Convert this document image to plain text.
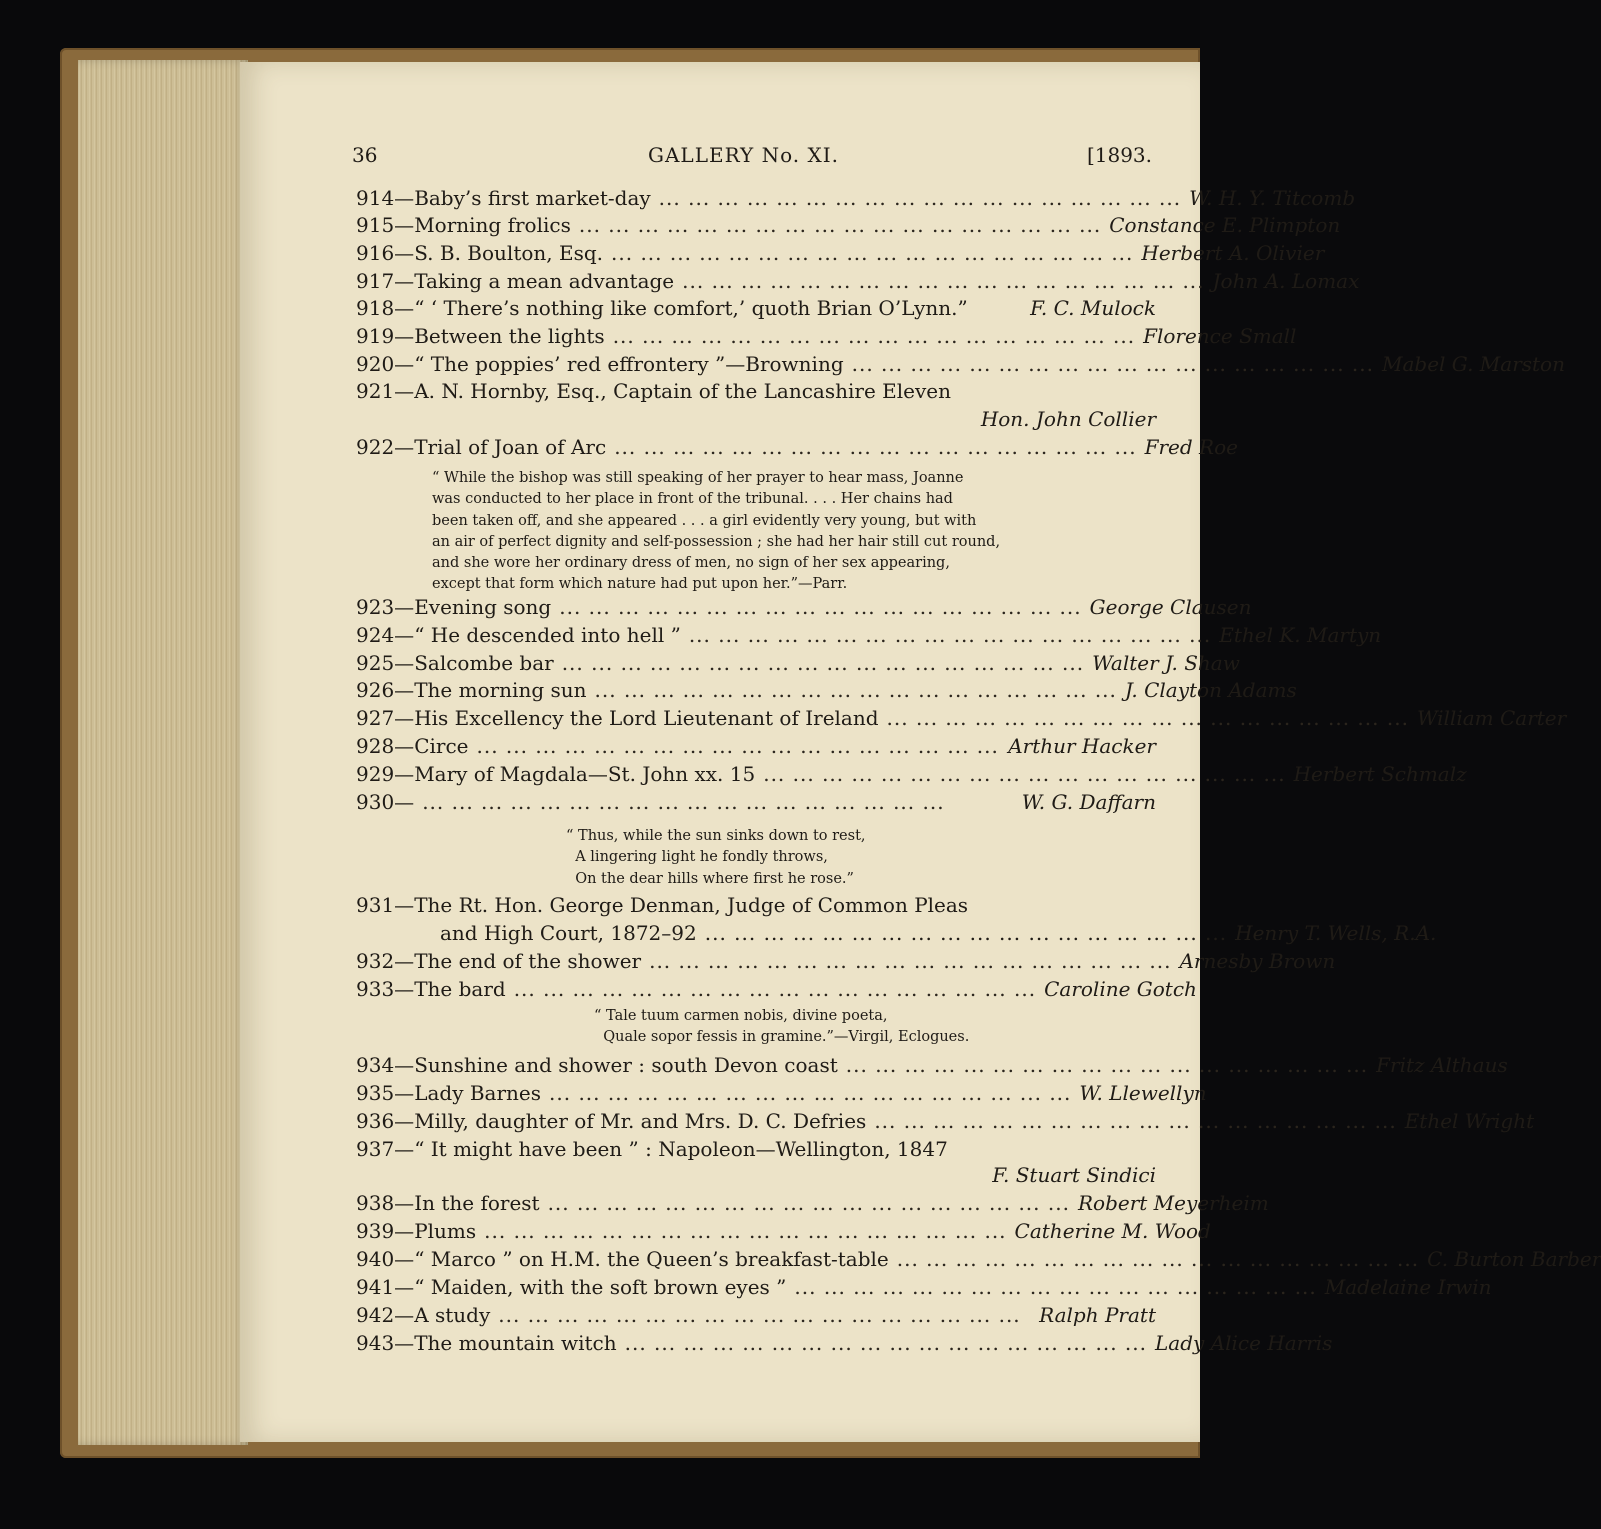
36	GALLERY No. XI.	[1893.
914— Baby’s first market-day ... ... ... ... ... ... ... ... ... ... ... ... ... ... ... ... ... ... W. H. Y. Titcomb
915— Morning frolics ... ... ... ... ... ... ... ... ... ... ... ... ... ... ... ... ... ... Constance E. Plimpton
916— S. B. Boulton, Esq. ... ... ... ... ... ... ... ... ... ... ... ... ... ... ... ... ... ... Herbert A. Olivier
917— Taking a mean advantage ... ... ... ... ... ... ... ... ... ... ... ... ... ... ... ... ... ... John A. Lomax
918— “ ‘ There’s nothing like comfort,’ quoth Brian O’Lynn.”	F. C. Mulock
919— Between the lights ... ... ... ... ... ... ... ... ... ... ... ... ... ... ... ... ... ... Florence Small
920— “ The poppies’ red effrontery ”—Browning ... ... ... ... ... ... ... ... ... ... ... ... ... ... ... ... ... ... Mabel G. Marston
921— A. N. Hornby, Esq., Captain of the Lancashire Eleven
Hon. John Collier
922— Trial of Joan of Arc ... ... ... ... ... ... ... ... ... ... ... ... ... ... ... ... ... ... Fred Roe
“ While the bishop was still speaking of her prayer to hear mass, Joanne
was conducted to her place in front of the tribunal. . . . Her chains had
been taken off, and she appeared . . . a girl evidently very young, but with
an air of perfect dignity and self-possession ; she had her hair still cut round,
and she wore her ordinary dress of men, no sign of her sex appearing,
except that form which nature had put upon her.”—Parr.
923— Evening song ... ... ... ... ... ... ... ... ... ... ... ... ... ... ... ... ... ... George Clausen
924— “ He descended into hell ” ... ... ... ... ... ... ... ... ... ... ... ... ... ... ... ... ... ... Ethel K. Martyn
925— Salcombe bar ... ... ... ... ... ... ... ... ... ... ... ... ... ... ... ... ... ... Walter J. Shaw
926— The morning sun ... ... ... ... ... ... ... ... ... ... ... ... ... ... ... ... ... ... J. Clayton Adams
927— His Excellency the Lord Lieutenant of Ireland ... ... ... ... ... ... ... ... ... ... ... ... ... ... ... ... ... ... William Carter
928— Circe ... ... ... ... ... ... ... ... ... ... ... ... ... ... ... ... ... ... Arthur Hacker
929— Mary of Magdala—St. John xx. 15 ... ... ... ... ... ... ... ... ... ... ... ... ... ... ... ... ... ... Herbert Schmalz
930— ... ... ... ... ... ... ... ... ... ... ... ... ... ... ... ... ... ...	W. G. Daffarn
“ Thus, while the sun sinks down to rest,
A lingering light he fondly throws,
On the dear hills where first he rose.”
931— The Rt. Hon. George Denman, Judge of Common Pleas
and High Court, 1872–92 ... ... ... ... ... ... ... ... ... ... ... ... ... ... ... ... ... ... Henry T. Wells, R.A.
932— The end of the shower ... ... ... ... ... ... ... ... ... ... ... ... ... ... ... ... ... ... Arnesby Brown
933— The bard ... ... ... ... ... ... ... ... ... ... ... ... ... ... ... ... ... ... Caroline Gotch
“ Tale tuum carmen nobis, divine poeta,
Quale sopor fessis in gramine.”—Virgil, Eclogues.
934— Sunshine and shower : south Devon coast ... ... ... ... ... ... ... ... ... ... ... ... ... ... ... ... ... ... Fritz Althaus
935— Lady Barnes ... ... ... ... ... ... ... ... ... ... ... ... ... ... ... ... ... ... W. Llewellyn
936— Milly, daughter of Mr. and Mrs. D. C. Defries ... ... ... ... ... ... ... ... ... ... ... ... ... ... ... ... ... ... Ethel Wright
937— “ It might have been ” : Napoleon—Wellington, 1847
F. Stuart Sindici
938— In the forest ... ... ... ... ... ... ... ... ... ... ... ... ... ... ... ... ... ... Robert Meyerheim
939— Plums ... ... ... ... ... ... ... ... ... ... ... ... ... ... ... ... ... ... Catherine M. Wood
940— “ Marco ” on H.M. the Queen’s breakfast-table ... ... ... ... ... ... ... ... ... ... ... ... ... ... ... ... ... ... C. Burton Barber
941— “ Maiden, with the soft brown eyes ” ... ... ... ... ... ... ... ... ... ... ... ... ... ... ... ... ... ... Madelaine Irwin
942— A study ... ... ... ... ... ... ... ... ... ... ... ... ... ... ... ... ... ... Ralph Pratt
943— The mountain witch ... ... ... ... ... ... ... ... ... ... ... ... ... ... ... ... ... ... Lady Alice Harris
